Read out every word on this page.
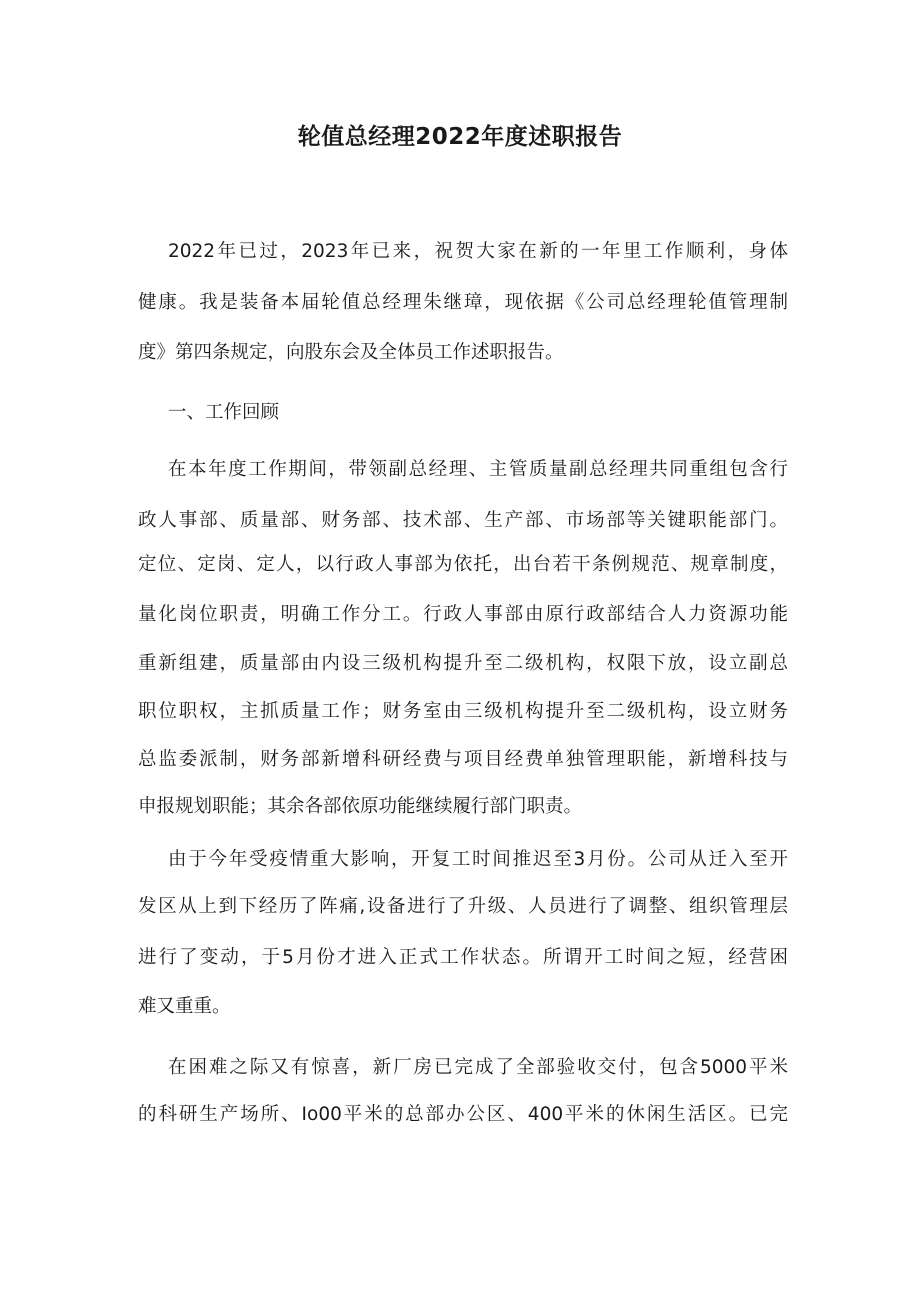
轮值总经理2022年度述职报告
2022年已过，2023年已来，祝贺大家在新的一年里工作顺利，身体
健康。我是装备本届轮值总经理朱继璋，现依据《公司总经理轮值管理制
度》第四条规定，向股东会及全体员工作述职报告。
一、工作回顾
在本年度工作期间，带领副总经理、主管质量副总经理共同重组包含行
政人事部、质量部、财务部、技术部、生产部、市场部等关键职能部门。
定位、定岗、定人，以行政人事部为依托，出台若干条例规范、规章制度，
量化岗位职责，明确工作分工。行政人事部由原行政部结合人力资源功能
重新组建，质量部由内设三级机构提升至二级机构，权限下放，设立副总
职位职权，主抓质量工作；财务室由三级机构提升至二级机构，设立财务
总监委派制，财务部新增科研经费与项目经费单独管理职能，新增科技与
申报规划职能；其余各部依原功能继续履行部门职责。
由于今年受疫情重大影响，开复工时间推迟至3月份。公司从迁入至开
发区从上到下经历了阵痛,设备进行了升级、人员进行了调整、组织管理层
进行了变动，于5月份才进入正式工作状态。所谓开工时间之短，经营困
难又重重。
在困难之际又有惊喜，新厂房已完成了全部验收交付，包含5000平米
的科研生产场所、Io00平米的总部办公区、400平米的休闲生活区。已完
